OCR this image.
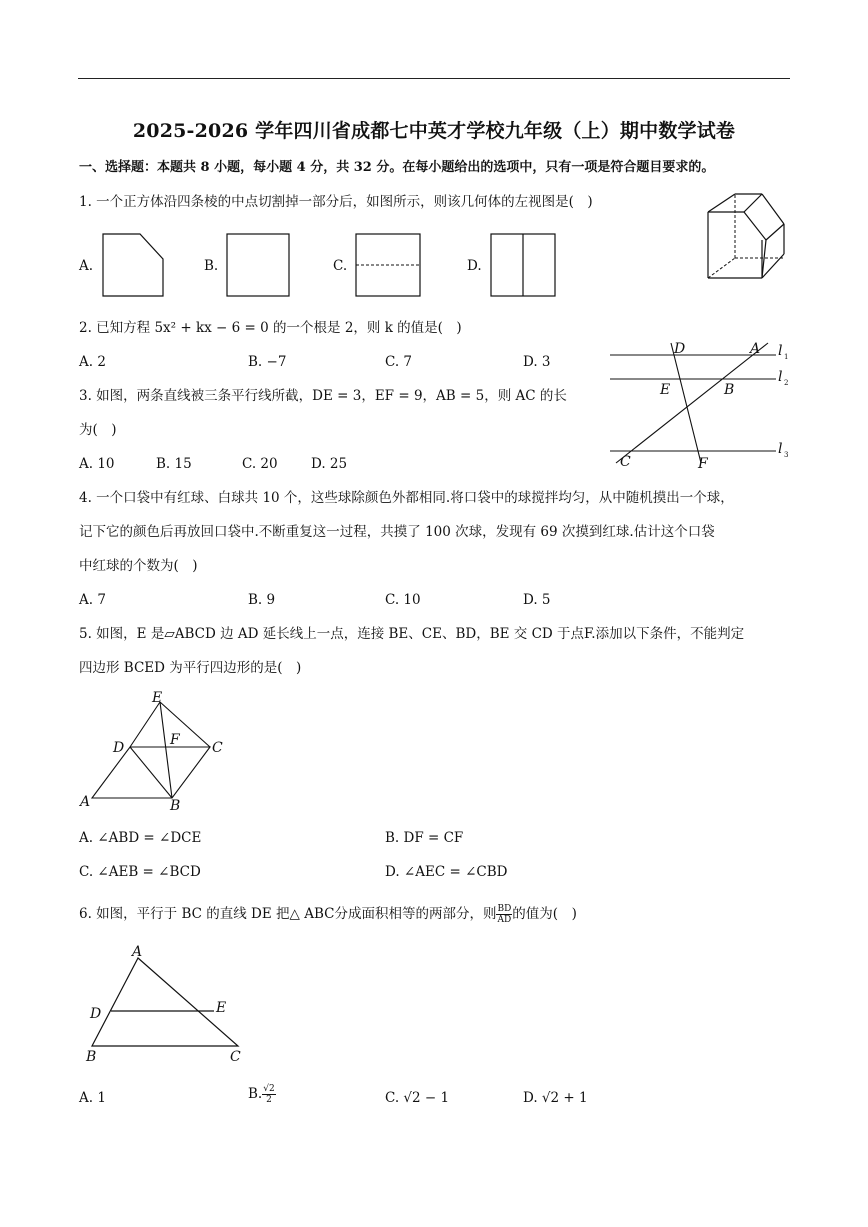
2025-2026 学年四川省成都七中英才学校九年级（上）期中数学试卷
一、选择题：本题共 8 小题，每小题 4 分，共 32 分。在每小题给出的选项中，只有一项是符合题目要求的。
1. 一个正方体沿四条棱的中点切割掉一部分后，如图所示，则该几何体的左视图是(　)
A.	B.	C.	D.
2. 已知方程 5x² + kx − 6 = 0 的一个根是 2，则 k 的值是(　)
A. 2	B. −7	C. 7	D. 3
D	A
E	B
C	F
l 1
l 2
l 3
3. 如图，两条直线被三条平行线所截，DE = 3，EF = 9，AB = 5，则 AC 的长
为(　)
A. 10	B. 15	C. 20 D. 25
4. 一个口袋中有红球、白球共 10 个，这些球除颜色外都相同.将口袋中的球搅拌均匀，从中随机摸出一个球，
记下它的颜色后再放回口袋中.不断重复这一过程，共摸了 100 次球，发现有 69 次摸到红球.估计这个口袋
中红球的个数为(　)
A. 7	B. 9	C. 10	D. 5
5. 如图，E 是▱ABCD 边 AD 延长线上一点，连接 BE、CE、BD，BE 交 CD 于点F.添加以下条件，不能判定
四边形 BCED 为平行四边形的是(　)
E
D	F C
A	B
A. ∠ABD = ∠DCE	B. DF = CF
C. ∠AEB = ∠BCD	D. ∠AEC = ∠CBD
6. 如图，平行于 BC 的直线 DE 把△ ABC分成面积相等的两部分，则 $\frac{BD}{AD}$ 的值为(　)
A
D	E
B	C
A. 1	B. $\frac{√2}{2}$	C. √2 − 1	D. √2 + 1
